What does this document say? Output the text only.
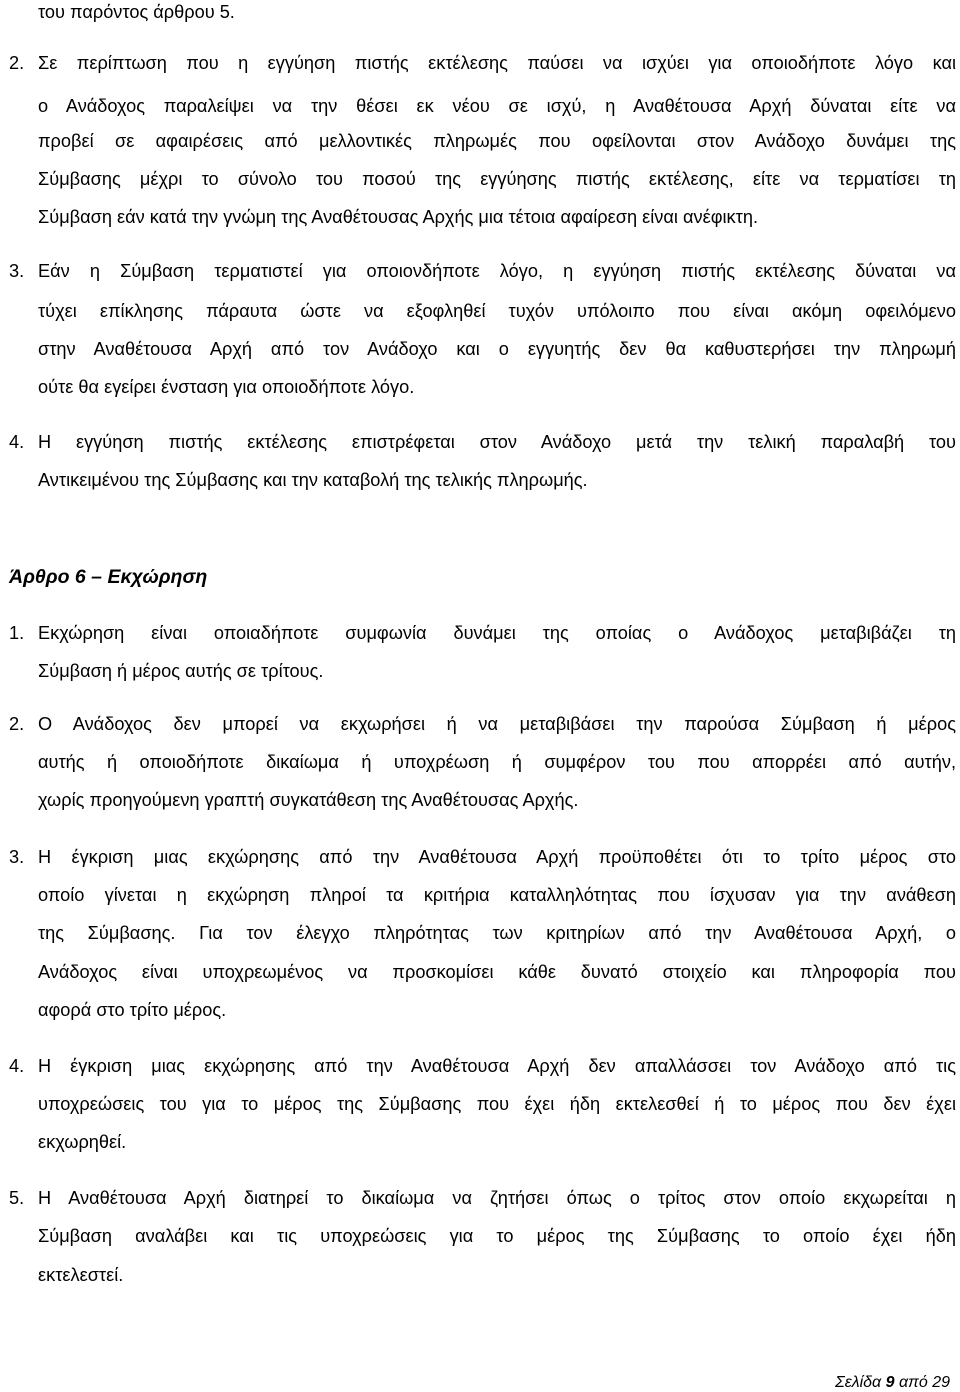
του παρόντος άρθρου 5.
2. Σε περίπτωση που η εγγύηση πιστής εκτέλεσης παύσει να ισχύει για οποιοδήποτε λόγο και
ο Ανάδοχος παραλείψει να την θέσει εκ νέου σε ισχύ, η Αναθέτουσα Αρχή δύναται είτε να
προβεί σε αφαιρέσεις από μελλοντικές πληρωμές που οφείλονται στον Ανάδοχο δυνάμει της
Σύμβασης μέχρι το σύνολο του ποσού της εγγύησης πιστής εκτέλεσης, είτε να τερματίσει τη
Σύμβαση εάν κατά την γνώμη της Αναθέτουσας Αρχής μια τέτοια αφαίρεση είναι ανέφικτη.
3. Εάν η Σύμβαση τερματιστεί για οποιονδήποτε λόγο, η εγγύηση πιστής εκτέλεσης δύναται να
τύχει επίκλησης πάραυτα ώστε να εξοφληθεί τυχόν υπόλοιπο που είναι ακόμη οφειλόμενο
στην Αναθέτουσα Αρχή από τον Ανάδοχο και ο εγγυητής δεν θα καθυστερήσει την πληρωμή
ούτε θα εγείρει ένσταση για οποιοδήποτε λόγο.
4. Η εγγύηση πιστής εκτέλεσης επιστρέφεται στον Ανάδοχο μετά την τελική παραλαβή του
Αντικειμένου της Σύμβασης και την καταβολή της τελικής πληρωμής.
Άρθρο 6 – Εκχώρηση
1. Εκχώρηση είναι οποιαδήποτε συμφωνία δυνάμει της οποίας ο Ανάδοχος μεταβιβάζει τη
Σύμβαση ή μέρος αυτής σε τρίτους.
2. Ο Ανάδοχος δεν μπορεί να εκχωρήσει ή να μεταβιβάσει την παρούσα Σύμβαση ή μέρος
αυτής ή οποιοδήποτε δικαίωμα ή υποχρέωση ή συμφέρον του που απορρέει από αυτήν,
χωρίς προηγούμενη γραπτή συγκατάθεση της Αναθέτουσας Αρχής.
3. Η έγκριση μιας εκχώρησης από την Αναθέτουσα Αρχή προϋποθέτει ότι το τρίτο μέρος στο
οποίο γίνεται η εκχώρηση πληροί τα κριτήρια καταλληλότητας που ίσχυσαν για την ανάθεση
της Σύμβασης. Για τον έλεγχο πληρότητας των κριτηρίων από την Αναθέτουσα Αρχή, ο
Ανάδοχος είναι υποχρεωμένος να προσκομίσει κάθε δυνατό στοιχείο και πληροφορία που
αφορά στο τρίτο μέρος.
4. Η έγκριση μιας εκχώρησης από την Αναθέτουσα Αρχή δεν απαλλάσσει τον Ανάδοχο από τις
υποχρεώσεις του για το μέρος της Σύμβασης που έχει ήδη εκτελεσθεί ή το μέρος που δεν έχει
εκχωρηθεί.
5. Η Αναθέτουσα Αρχή διατηρεί το δικαίωμα να ζητήσει όπως ο τρίτος στον οποίο εκχωρείται η
Σύμβαση αναλάβει και τις υποχρεώσεις για το μέρος της Σύμβασης το οποίο έχει ήδη
εκτελεστεί.
Σελίδα 9 από 29
